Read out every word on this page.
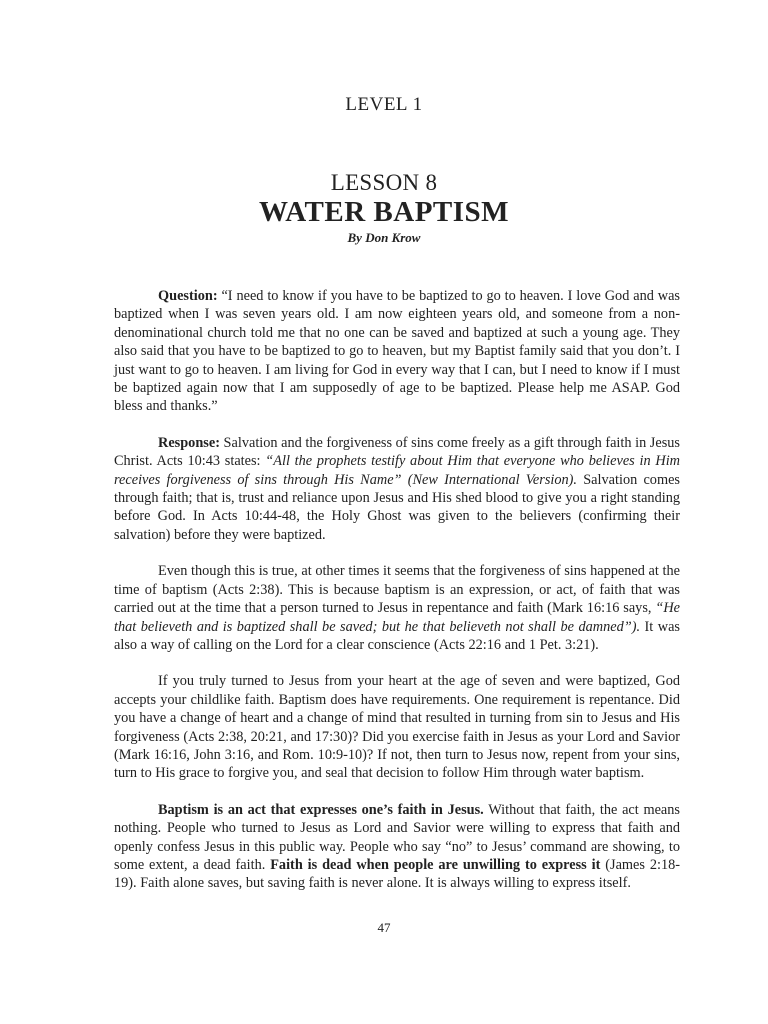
LEVEL 1
LESSON 8
WATER BAPTISM
By Don Krow

Question: “I need to know if you have to be baptized to go to heaven. I love God and was baptized when I was seven years old. I am now eighteen years old, and someone from a non-denominational church told me that no one can be saved and baptized at such a young age. They also said that you have to be baptized to go to heaven, but my Baptist family said that you don’t. I just want to go to heaven. I am living for God in every way that I can, but I need to know if I must be baptized again now that I am supposedly of age to be baptized. Please help me ASAP. God bless and thanks.”

Response: Salvation and the forgiveness of sins come freely as a gift through faith in Jesus Christ. Acts 10:43 states: “All the prophets testify about Him that everyone who believes in Him receives forgiveness of sins through His Name” (New International Version). Salvation comes through faith; that is, trust and reliance upon Jesus and His shed blood to give you a right standing before God. In Acts 10:44-48, the Holy Ghost was given to the believers (confirming their salvation) before they were baptized.

Even though this is true, at other times it seems that the forgiveness of sins happened at the time of baptism (Acts 2:38). This is because baptism is an expression, or act, of faith that was carried out at the time that a person turned to Jesus in repentance and faith (Mark 16:16 says, “He that believeth and is baptized shall be saved; but he that believeth not shall be damned”). It was also a way of calling on the Lord for a clear conscience (Acts 22:16 and 1 Pet. 3:21).

If you truly turned to Jesus from your heart at the age of seven and were baptized, God accepts your childlike faith. Baptism does have requirements. One requirement is repentance. Did you have a change of heart and a change of mind that resulted in turning from sin to Jesus and His forgiveness (Acts 2:38, 20:21, and 17:30)? Did you exercise faith in Jesus as your Lord and Savior (Mark 16:16, John 3:16, and Rom. 10:9-10)? If not, then turn to Jesus now, repent from your sins, turn to His grace to forgive you, and seal that decision to follow Him through water baptism.

Baptism is an act that expresses one’s faith in Jesus. Without that faith, the act means nothing. People who turned to Jesus as Lord and Savior were willing to express that faith and openly confess Jesus in this public way. People who say “no” to Jesus’ command are showing, to some extent, a dead faith. Faith is dead when people are unwilling to express it (James 2:18-19). Faith alone saves, but saving faith is never alone. It is always willing to express itself.

47
